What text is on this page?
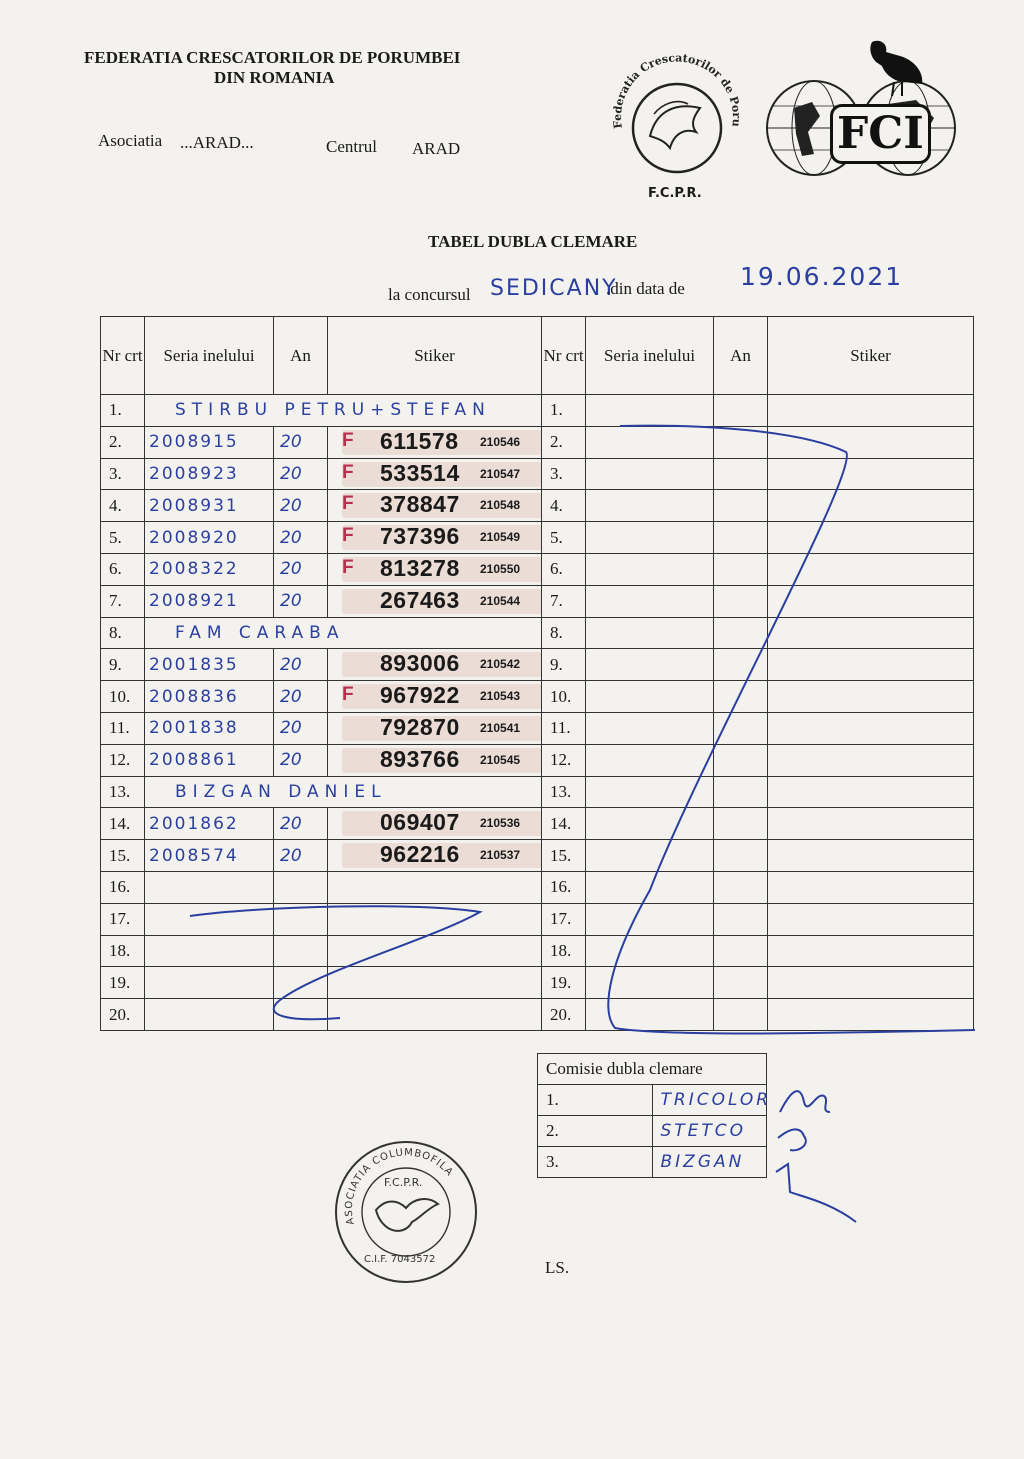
FEDERATIA CRESCATORILOR DE PORUMBEI
DIN ROMANIA
Asociatia ...ARAD...	Centrul ARAD
Federatia Crescatorilor de Poru
F.C.P.R.
FCI
TABEL DUBLA CLEMARE
la concursul SEDICANY
.din data de 19.06.2021
Nr crt	Seria inelului	An	Stiker	Nr crt	Seria inelului	An	Stiker
1.	STIRBU PETRU+STEFAN			1.			
2.	2008915	20	F 611578 210546	2.			
3.	2008923	20	F 533514 210547	3.			
4.	2008931	20	F 378847 210548	4.			
5.	2008920	20	F 737396 210549	5.			
6.	2008322	20	F 813278 210550	6.			
7.	2008921	20	267463 210544	7.			
8.	FAM CARABA			8.			
9.	2001835	20	893006 210542	9.			
10.	2008836	20	F 967922 210543	10.			
11.	2001838	20	792870 210541	11.			
12.	2008861	20	893766 210545	12.			
13.	BIZGAN DANIEL			13.			
14.	2001862	20	069407 210536	14.			
15.	2008574	20	962216 210537	15.			
16.				16.			
17.				17.			
18.				18.			
19.				19.			
20.				20.			
Comisie dubla clemare	
1.	TRICOLOR
2.	STETCO
3.	BIZGAN
ASOCIATIA COLUMBOFILA
F.C.P.R.
C.I.F. 7043572	LS.
